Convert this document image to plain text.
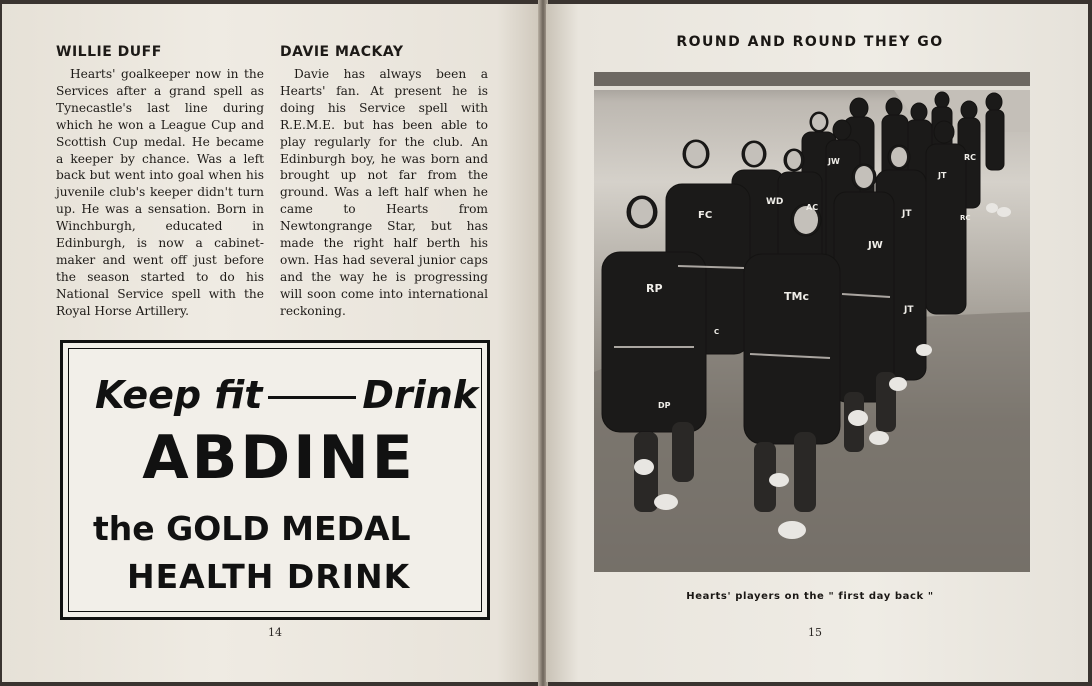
WILLIE DUFF

Hearts' goalkeeper now in the Services after a grand spell as Tynecastle's last line during which he won a League Cup and Scottish Cup medal. He became a keeper by chance. Was a left back but went into goal when his juvenile club's keeper didn't turn up. He was a sensation. Born in Winchburgh, educated in Edinburgh, is now a cabinet-maker and went off just before the season started to do his National Service spell with the Royal Horse Artillery.

DAVIE MACKAY

Davie has always been a Hearts' fan. At present he is doing his Service spell with R.E.M.E. but has been able to play regularly for the club. An Edinburgh boy, he was born and brought up not far from the ground. Was a left half when he came to Hearts from Newtongrange Star, but has made the right half berth his own. Has had several junior caps and the way he is progressing will soon come into international reckoning.

Keep fit	Drink
ABDINE
the GOLD MEDAL
HEALTH DRINK
14
ROUND AND ROUND THEY GO
RP
TMc
FC
WD
JW
JT
AC
JW
JT
RC
JT
RC
C
DP
Hearts' players on the " first day back "
15
